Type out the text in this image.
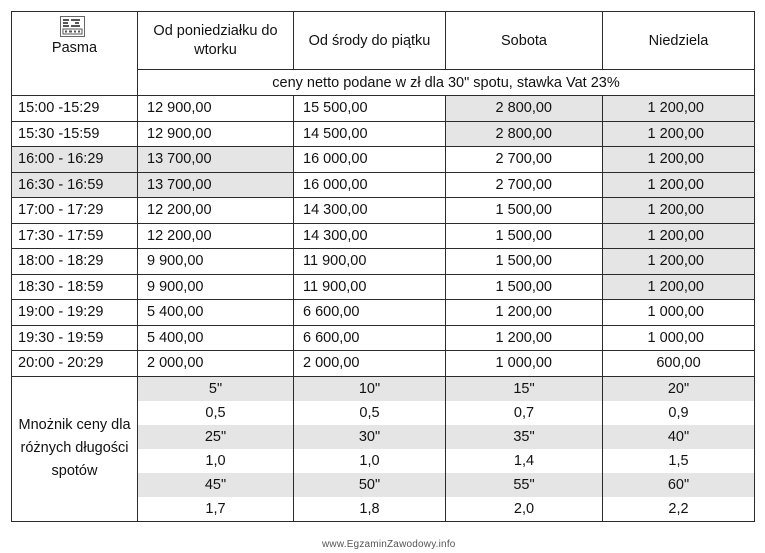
Pasma	Od poniedziałku do wtorku	Od środy do piątku	Sobota	Niedziela
	ceny netto podane w zł dla 30" spotu, stawka Vat 23%			
15:00 -15:29	12 900,00	15 500,00	2 800,00	1 200,00
15:30 -15:59	12 900,00	14 500,00	2 800,00	1 200,00
16:00 - 16:29	13 700,00	16 000,00	2 700,00	1 200,00
16:30 - 16:59	13 700,00	16 000,00	2 700,00	1 200,00
17:00 - 17:29	12 200,00	14 300,00	1 500,00	1 200,00
17:30 - 17:59	12 200,00	14 300,00	1 500,00	1 200,00
18:00 - 18:29	9 900,00	11 900,00	1 500,00	1 200,00
18:30 - 18:59	9 900,00	11 900,00	1 500,00	1 200,00
19:00 - 19:29	5 400,00	6 600,00	1 200,00	1 000,00
19:30 - 19:59	5 400,00	6 600,00	1 200,00	1 000,00
20:00 - 20:29	2 000,00	2 000,00	1 000,00	600,00
Mnożnik ceny dla różnych długości spotów	5"	10"	15"	20"
	0,5	0,5	0,7	0,9
	25"	30"	35"	40"
	1,0	1,0	1,4	1,5
	45"	50"	55"	60"
	1,7	1,8	2,0	2,2
www.EgzaminZawodowy.info
